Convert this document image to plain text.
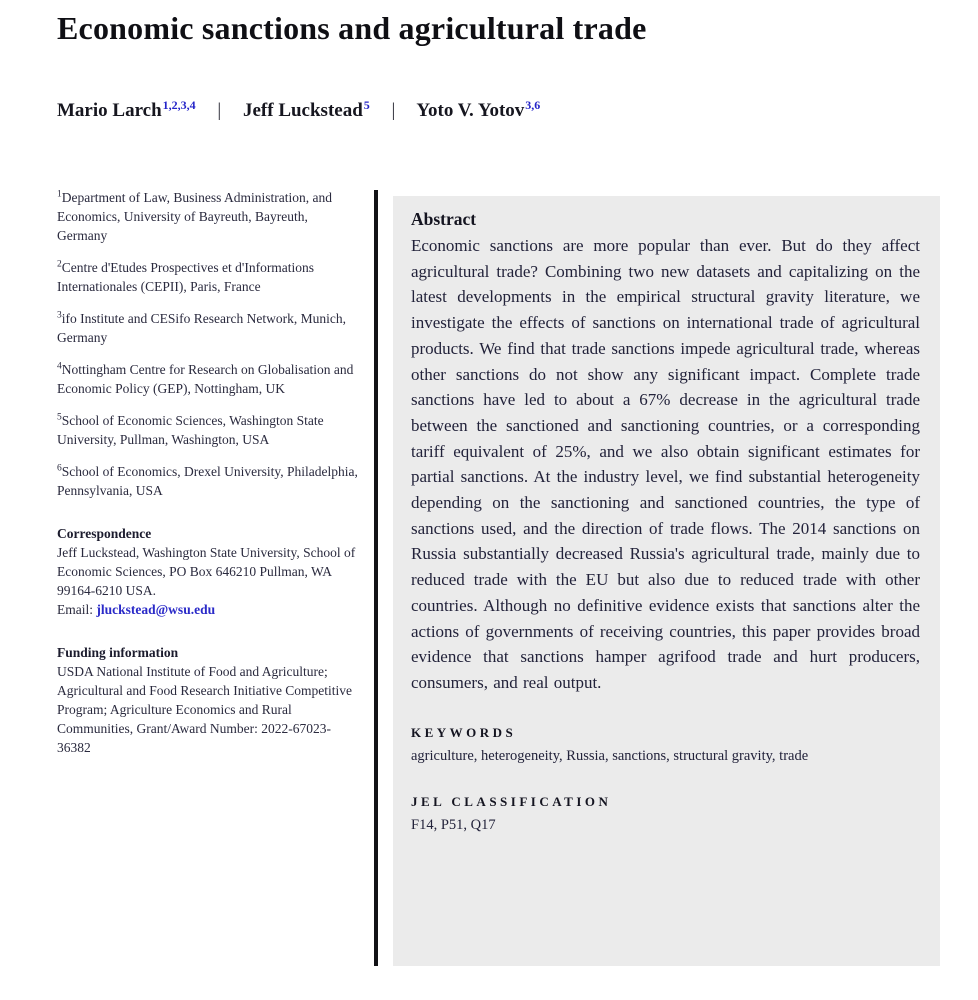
Economic sanctions and agricultural trade
Mario Larch$^{1,2,3,4}$ | Jeff Luckstead$^5$ | Yoto V. Yotov$^{3,6}$

$^1$Department of Law, Business Administration, and Economics, University of Bayreuth, Bayreuth, Germany

$^2$Centre d'Etudes Prospectives et d'Informations Internationales (CEPII), Paris, France

$^3$ifo Institute and CESifo Research Network, Munich, Germany

$^4$Nottingham Centre for Research on Globalisation and Economic Policy (GEP), Nottingham, UK

$^5$School of Economic Sciences, Washington State University, Pullman, Washington, USA

$^6$School of Economics, Drexel University, Philadelphia, Pennsylvania, USA

Correspondence

Jeff Luckstead, Washington State University, School of Economic Sciences, PO Box 646210 Pullman, WA 99164-6210 USA.

Email: jluckstead@wsu.edu

Funding information

USDA National Institute of Food and Agriculture; Agricultural and Food Research Initiative Competitive Program; Agriculture Economics and Rural Communities, Grant/Award Number: 2022-67023-36382

Abstract

Economic sanctions are more popular than ever. But do they affect agricultural trade? Combining two new datasets and capitalizing on the latest developments in the empirical structural gravity literature, we investigate the effects of sanctions on international trade of agricultural products. We find that trade sanctions impede agricultural trade, whereas other sanctions do not show any significant impact. Complete trade sanctions have led to about a 67% decrease in the agricultural trade between the sanctioned and sanctioning countries, or a corresponding tariff equivalent of 25%, and we also obtain significant estimates for partial sanctions. At the industry level, we find substantial heterogeneity depending on the sanctioning and sanctioned countries, the type of sanctions used, and the direction of trade flows. The 2014 sanctions on Russia substantially decreased Russia's agricultural trade, mainly due to reduced trade with the EU but also due to reduced trade with other countries. Although no definitive evidence exists that sanctions alter the actions of governments of receiving countries, this paper provides broad evidence that sanctions hamper agrifood trade and hurt producers, consumers, and real output.

KEYWORDS

agriculture, heterogeneity, Russia, sanctions, structural gravity, trade

JEL CLASSIFICATION

F14, P51, Q17
